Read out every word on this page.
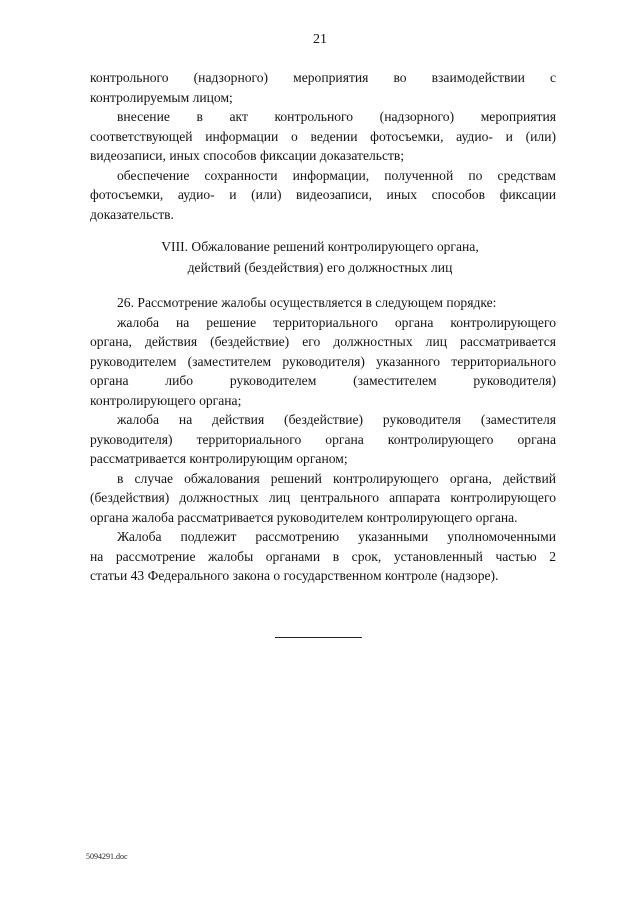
21
контрольного (надзорного) мероприятия во взаимодействии с
контролируемым лицом;
внесение в акт контрольного (надзорного) мероприятия
соответствующей информации о ведении фотосъемки, аудио- и (или)
видеозаписи, иных способов фиксации доказательств;
обеспечение сохранности информации, полученной по средствам
фотосъемки, аудио- и (или) видеозаписи, иных способов фиксации
доказательств.
VIII. Обжалование решений контролирующего органа,
действий (бездействия) его должностных лиц
26. Рассмотрение жалобы осуществляется в следующем порядке:
жалоба на решение территориального органа контролирующего
органа, действия (бездействие) его должностных лиц рассматривается
руководителем (заместителем руководителя) указанного территориального
органа либо руководителем (заместителем руководителя)
контролирующего органа;
жалоба на действия (бездействие) руководителя (заместителя
руководителя) территориального органа контролирующего органа
рассматривается контролирующим органом;
в случае обжалования решений контролирующего органа, действий
(бездействия) должностных лиц центрального аппарата контролирующего
органа жалоба рассматривается руководителем контролирующего органа.
Жалоба подлежит рассмотрению указанными уполномоченными
на рассмотрение жалобы органами в срок, установленный частью 2
статьи 43 Федерального закона о государственном контроле (надзоре).
5094291.doc
